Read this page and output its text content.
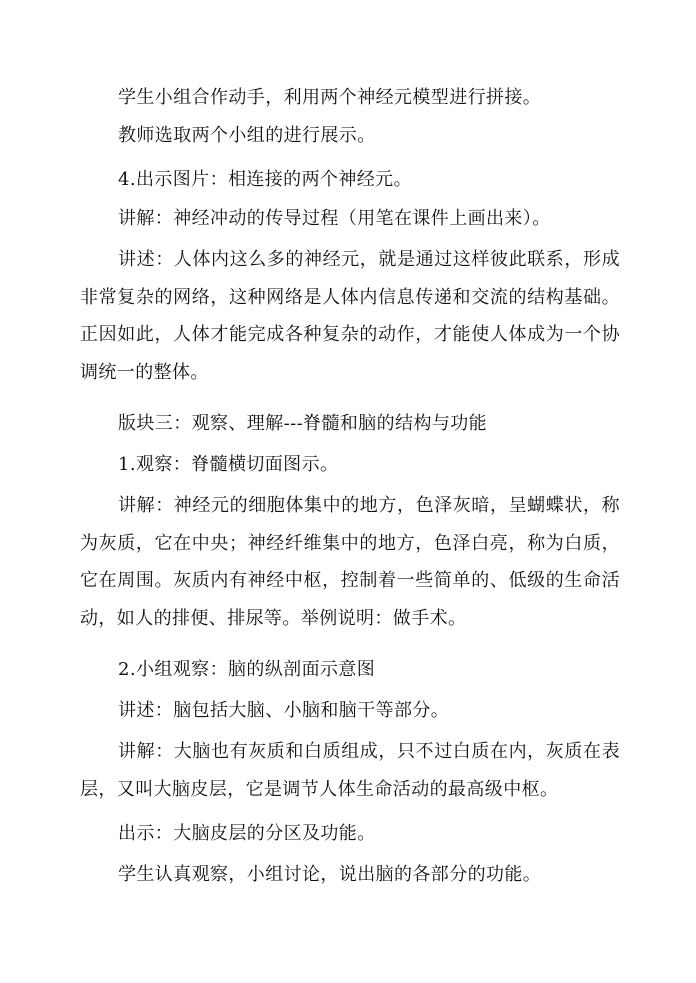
学生小组合作动手，利用两个神经元模型进行拼接。

教师选取两个小组的进行展示。

4.出示图片：相连接的两个神经元。

讲解：神经冲动的传导过程（用笔在课件上画出来）。

讲述：人体内这么多的神经元，就是通过这样彼此联系，形成非常复杂的网络，这种网络是人体内信息传递和交流的结构基础。正因如此，人体才能完成各种复杂的动作，才能使人体成为一个协调统一的整体。

版块三：观察、理解---脊髓和脑的结构与功能

1.观察：脊髓横切面图示。

讲解：神经元的细胞体集中的地方，色泽灰暗，呈蝴蝶状，称为灰质，它在中央；神经纤维集中的地方，色泽白亮，称为白质，它在周围。灰质内有神经中枢，控制着一些简单的、低级的生命活动，如人的排便、排尿等。举例说明：做手术。

2.小组观察：脑的纵剖面示意图

讲述：脑包括大脑、小脑和脑干等部分。

讲解：大脑也有灰质和白质组成，只不过白质在内，灰质在表层，又叫大脑皮层，它是调节人体生命活动的最高级中枢。

出示：大脑皮层的分区及功能。

学生认真观察，小组讨论，说出脑的各部分的功能。
